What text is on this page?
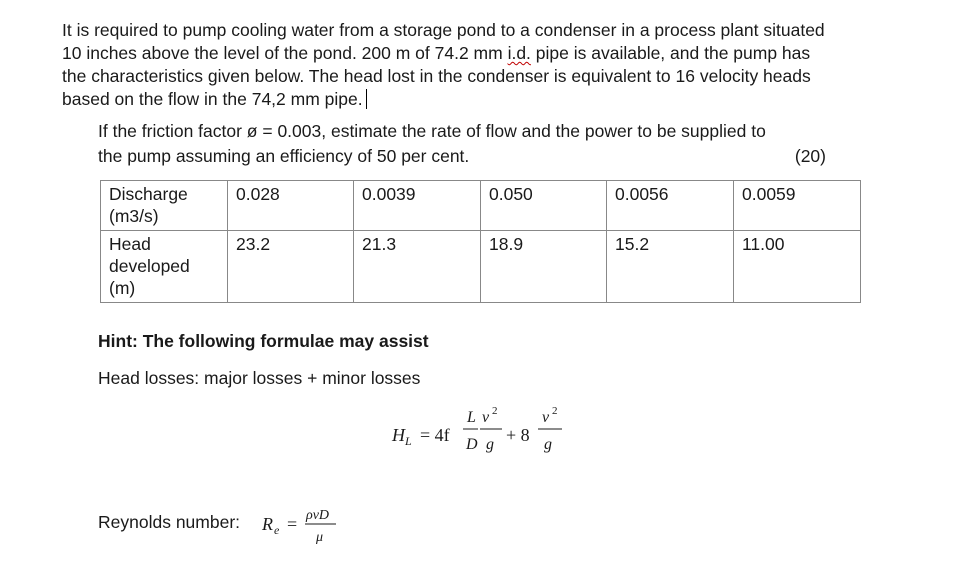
It is required to pump cooling water from a storage pond to a condenser in a process plant situated
10 inches above the level of the pond. 200 m of 74.2 mm i.d. pipe is available, and the pump has
the characteristics given below. The head lost in the condenser is equivalent to 16 velocity heads
based on the flow in the 74,2 mm pipe.
If the friction factor ø = 0.003, estimate the rate of flow and the power to be supplied to
the pump assuming an efficiency of 50 per cent.	(20)
Discharge
(m3/s)	0.028	0.0039	0.050	0.0056	0.0059
Head
developed
(m)	23.2	21.3	18.9	15.2	11.00
Hint: The following formulae may assist
Head losses: major losses + minor losses
H L = 4f
L
D
v 2
g + 8
v 2
g
Reynolds number: R e = ρvD
μ
